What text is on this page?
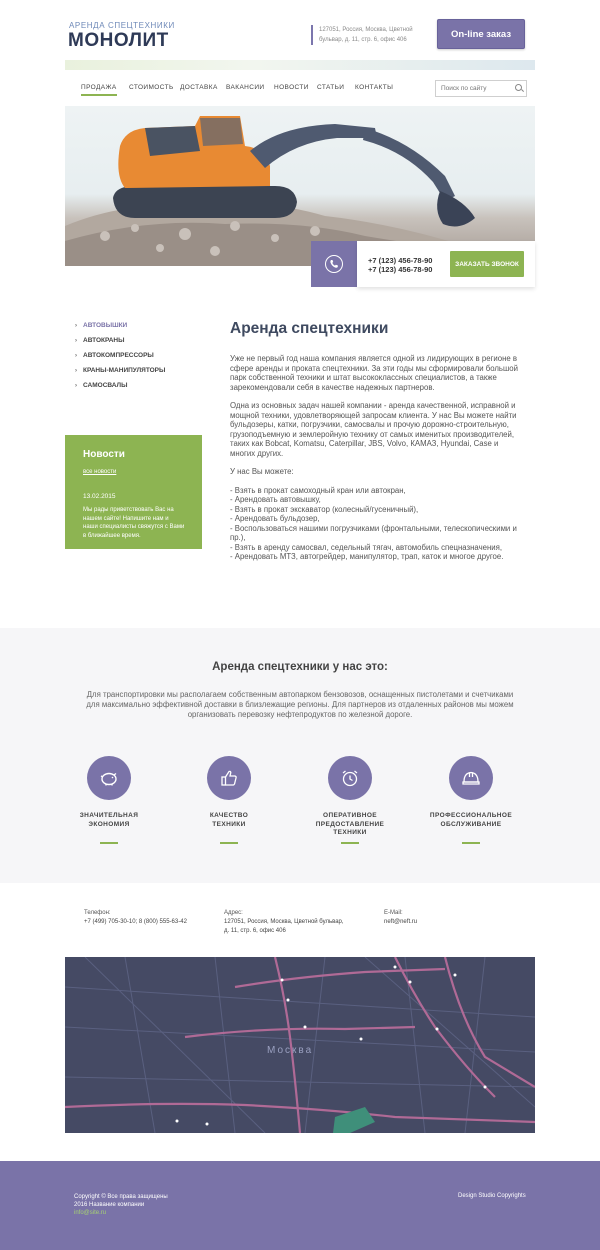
АРЕНДА СПЕЦТЕХНИКИ
МОНОЛИТ	127051, Россия, Москва, Цветной
бульвар, д. 11, стр. 6, офис 406
On-line заказ
ПРОДАЖА СТОИМОСТЬ ДОСТАВКА ВАКАНСИИ НОВОСТИ СТАТЬИ КОНТАКТЫ
Поиск по сайту
+7 (123) 456-78-90
+7 (123) 456-78-90
ЗАКАЗАТЬ ЗВОНОК
› АВТОВЫШКИ
› АВТОКРАНЫ
› АВТОКОМПРЕССОРЫ
› КРАНЫ-МАНИПУЛЯТОРЫ
› САМОСВАЛЫ
Новости
все новости
13.02.2015
Мы рады приветствовать Вас на нашем сайте! Напишите нам и наши специалисты свяжутся с Вами в ближайшее время.
Аренда спецтехники

Уже не первый год наша компания является одной из лидирующих в регионе в сфере аренды и проката спецтехники. За эти годы мы сформировали большой парк собственной техники и штат высококлассных специалистов, а также зарекомендовали себя в качестве надежных партнеров.

Одна из основных задач нашей компании - аренда качественной, исправной и мощной техники, удовлетворяющей запросам клиента. У нас Вы можете найти бульдозеры, катки, погрузчики, самосвалы и прочую дорожно-строительную, грузоподъемную и землеройную технику от самых именитых производителей, таких как Bobcat, Komatsu, Caterpillar, JBS, Volvo, КАМАЗ, Hyundai, Case и многих других.

У нас Вы можете:

- Взять в прокат самоходный кран или автокран,
- Арендовать автовышку,
- Взять в прокат экскаватор (колесный/гусеничный),
- Арендовать бульдозер,
- Воспользоваться нашими погрузчиками (фронтальными, телескопическими и пр.),
- Взять в аренду самосвал, седельный тягач, автомобиль спецназначения,
- Арендовать МТЗ, автогрейдер, манипулятор, трап, каток и многое другое.
Аренда спецтехники у нас это:
Для транспортировки мы располагаем собственным автопарком бензовозов, оснащенных пистолетами и счетчиками для максимально эффективной доставки в близлежащие регионы. Для партнеров из отдаленных районов мы можем организовать перевозку нефтепродуктов по железной дороге.
ЗНАЧИТЕЛЬНАЯ
ЭКОНОМИЯ
КАЧЕСТВО
ТЕХНИКИ
ОПЕРАТИВНОЕ
ПРЕДОСТАВЛЕНИЕ
ТЕХНИКИ
ПРОФЕССИОНАЛЬНОЕ
ОБСЛУЖИВАНИЕ
Телефон:
+7 (499) 705-30-10; 8 (800) 555-63-42
Адрес:
127051, Россия, Москва, Цветной бульвар,
д. 11, стр. 6, офис 406
E-Mail:
neft@neft.ru
Москва
Copyright © Все права защищены
2016 Название компании
info@site.ru
Design Studio Copyrights
